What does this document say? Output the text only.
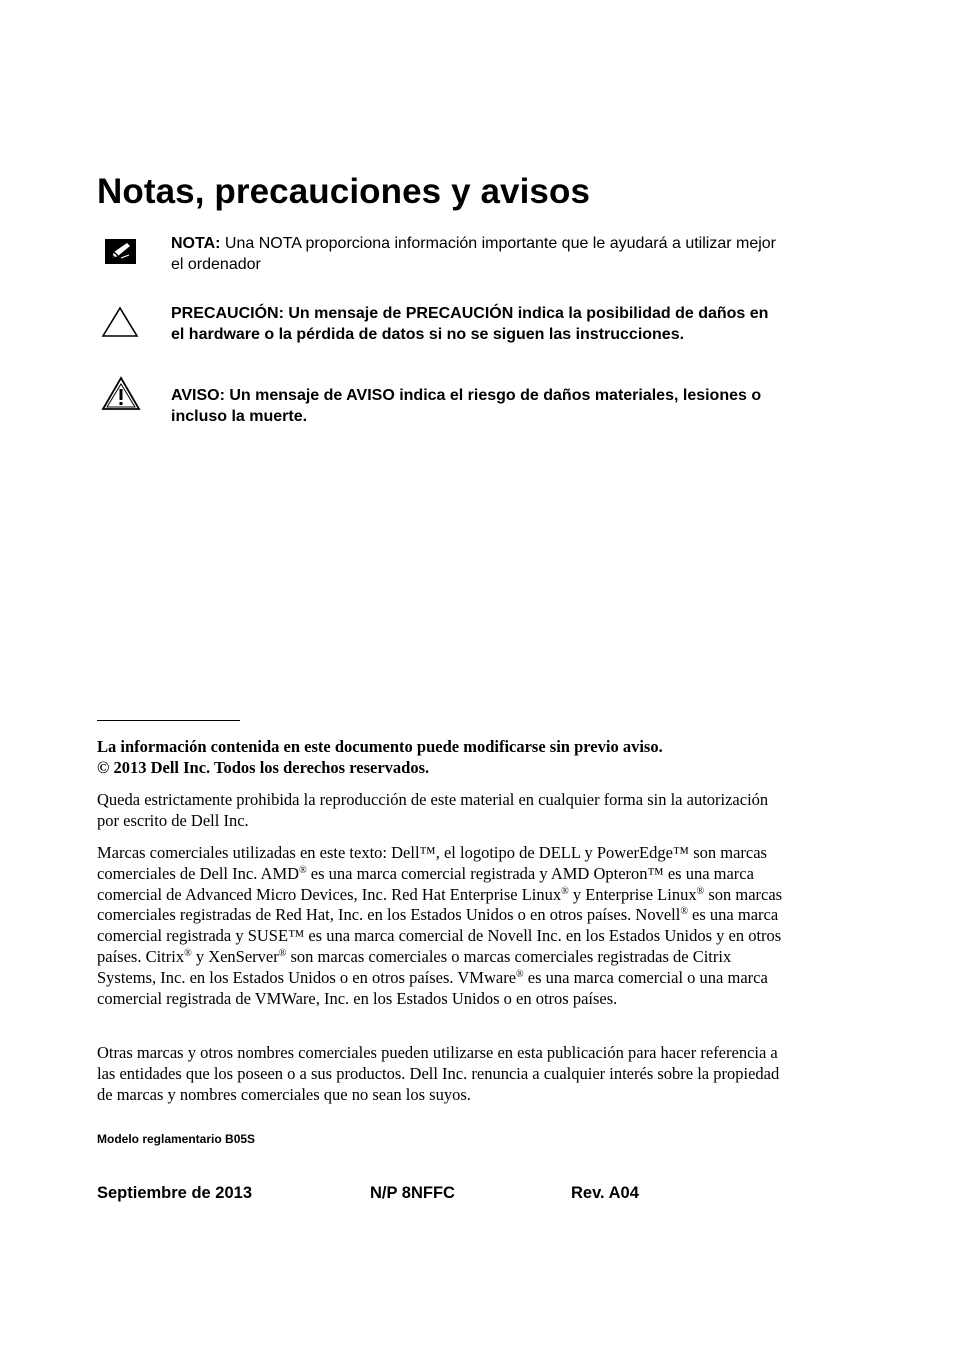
Notas, precauciones y avisos
NOTA: Una NOTA proporciona información importante que le ayudará a utilizar mejor el ordenador
PRECAUCIÓN: Un mensaje de PRECAUCIÓN indica la posibilidad de daños en el hardware o la pérdida de datos si no se siguen las instrucciones.
AVISO: Un mensaje de AVISO indica el riesgo de daños materiales, lesiones o incluso la muerte.

La información contenida en este documento puede modificarse sin previo aviso.

© 2013 Dell Inc. Todos los derechos reservados.

Queda estrictamente prohibida la reproducción de este material en cualquier forma sin la autorización por escrito de Dell Inc.

Marcas comerciales utilizadas en este texto: Dell™, el logotipo de DELL y PowerEdge™ son marcas comerciales de Dell Inc. AMD® es una marca comercial registrada y AMD Opteron™ es una marca comercial de Advanced Micro Devices, Inc. Red Hat Enterprise Linux® y Enterprise Linux® son marcas comerciales registradas de Red Hat, Inc. en los Estados Unidos o en otros países. Novell® es una marca comercial registrada y SUSE™ es una marca comercial de Novell Inc. en los Estados Unidos y en otros países. Citrix® y XenServer® son marcas comerciales o marcas comerciales registradas de Citrix Systems, Inc. en los Estados Unidos o en otros países. VMware® es una marca comercial o una marca comercial registrada de VMWare, Inc. en los Estados Unidos o en otros países.

Otras marcas y otros nombres comerciales pueden utilizarse en esta publicación para hacer referencia a las entidades que los poseen o a sus productos. Dell Inc. renuncia a cualquier interés sobre la propiedad de marcas y nombres comerciales que no sean los suyos.

Modelo reglamentario B05S
Septiembre de 2013	N/P 8NFFC	Rev. A04
